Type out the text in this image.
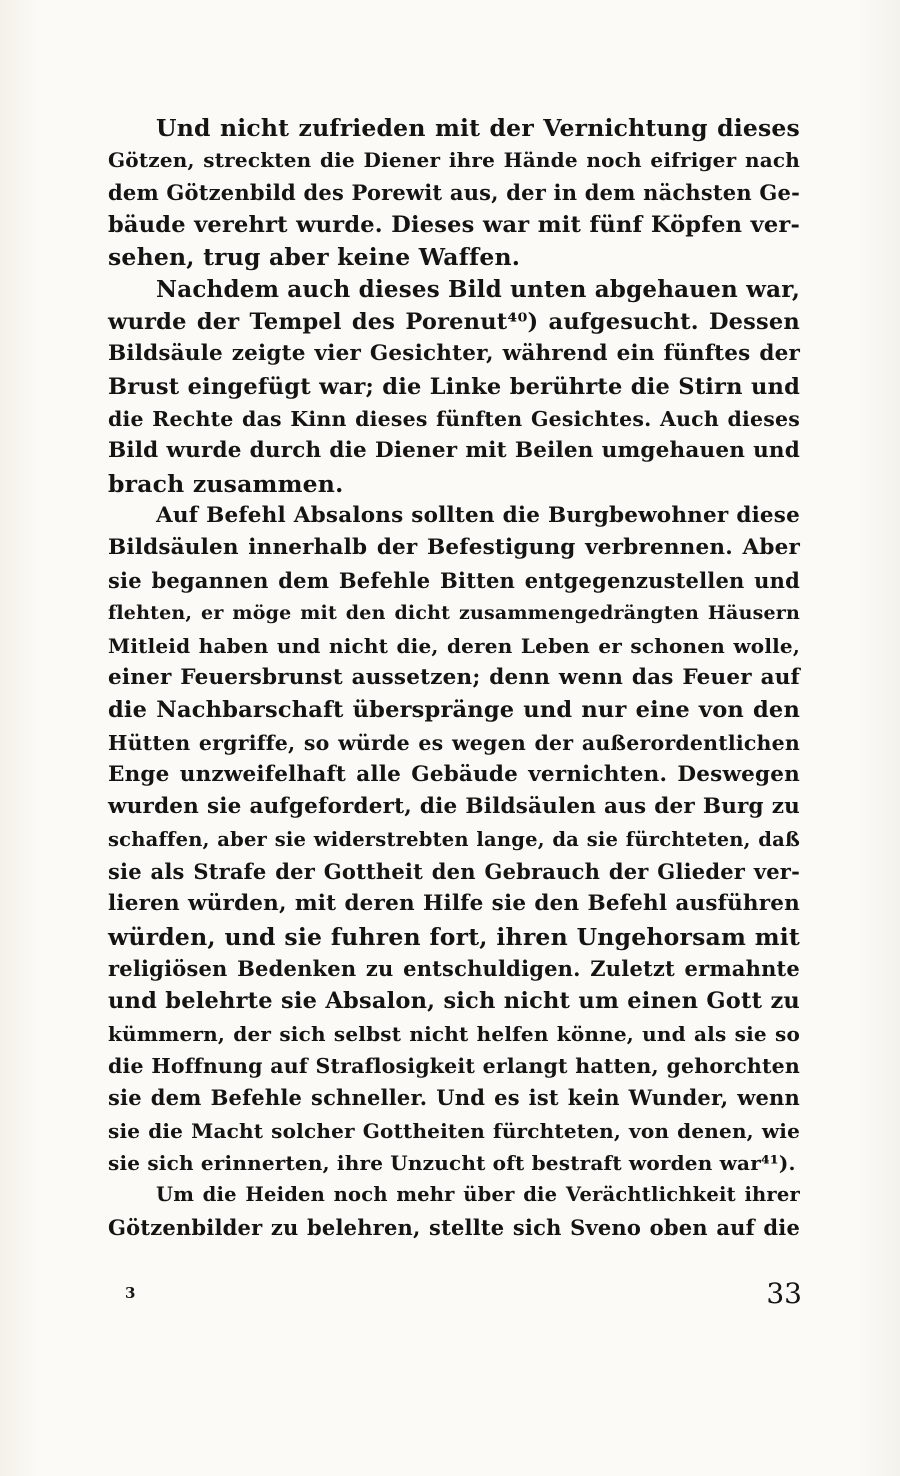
Und nicht zufrieden mit der Vernichtung dieses
Götzen, streckten die Diener ihre Hände noch eifriger nach
dem Götzenbild des Porewit aus, der in dem nächsten Ge-
bäude verehrt wurde. Dieses war mit fünf Köpfen ver-
sehen, trug aber keine Waffen.
Nachdem auch dieses Bild unten abgehauen war,
wurde der Tempel des Porenut⁴⁰) aufgesucht. Dessen
Bildsäule zeigte vier Gesichter, während ein fünftes der
Brust eingefügt war; die Linke berührte die Stirn und
die Rechte das Kinn dieses fünften Gesichtes. Auch dieses
Bild wurde durch die Diener mit Beilen umgehauen und
brach zusammen.
Auf Befehl Absalons sollten die Burgbewohner diese
Bildsäulen innerhalb der Befestigung verbrennen. Aber
sie begannen dem Befehle Bitten entgegenzustellen und
flehten, er möge mit den dicht zusammengedrängten Häusern
Mitleid haben und nicht die, deren Leben er schonen wolle,
einer Feuersbrunst aussetzen; denn wenn das Feuer auf
die Nachbarschaft überspränge und nur eine von den
Hütten ergriffe, so würde es wegen der außerordentlichen
Enge unzweifelhaft alle Gebäude vernichten. Deswegen
wurden sie aufgefordert, die Bildsäulen aus der Burg zu
schaffen, aber sie widerstrebten lange, da sie fürchteten, daß
sie als Strafe der Gottheit den Gebrauch der Glieder ver-
lieren würden, mit deren Hilfe sie den Befehl ausführen
würden, und sie fuhren fort, ihren Ungehorsam mit
religiösen Bedenken zu entschuldigen. Zuletzt ermahnte
und belehrte sie Absalon, sich nicht um einen Gott zu
kümmern, der sich selbst nicht helfen könne, und als sie so
die Hoffnung auf Straflosigkeit erlangt hatten, gehorchten
sie dem Befehle schneller. Und es ist kein Wunder, wenn
sie die Macht solcher Gottheiten fürchteten, von denen, wie
sie sich erinnerten, ihre Unzucht oft bestraft worden war⁴¹).
Um die Heiden noch mehr über die Verächtlichkeit ihrer
Götzenbilder zu belehren, stellte sich Sveno oben auf die
3	33
